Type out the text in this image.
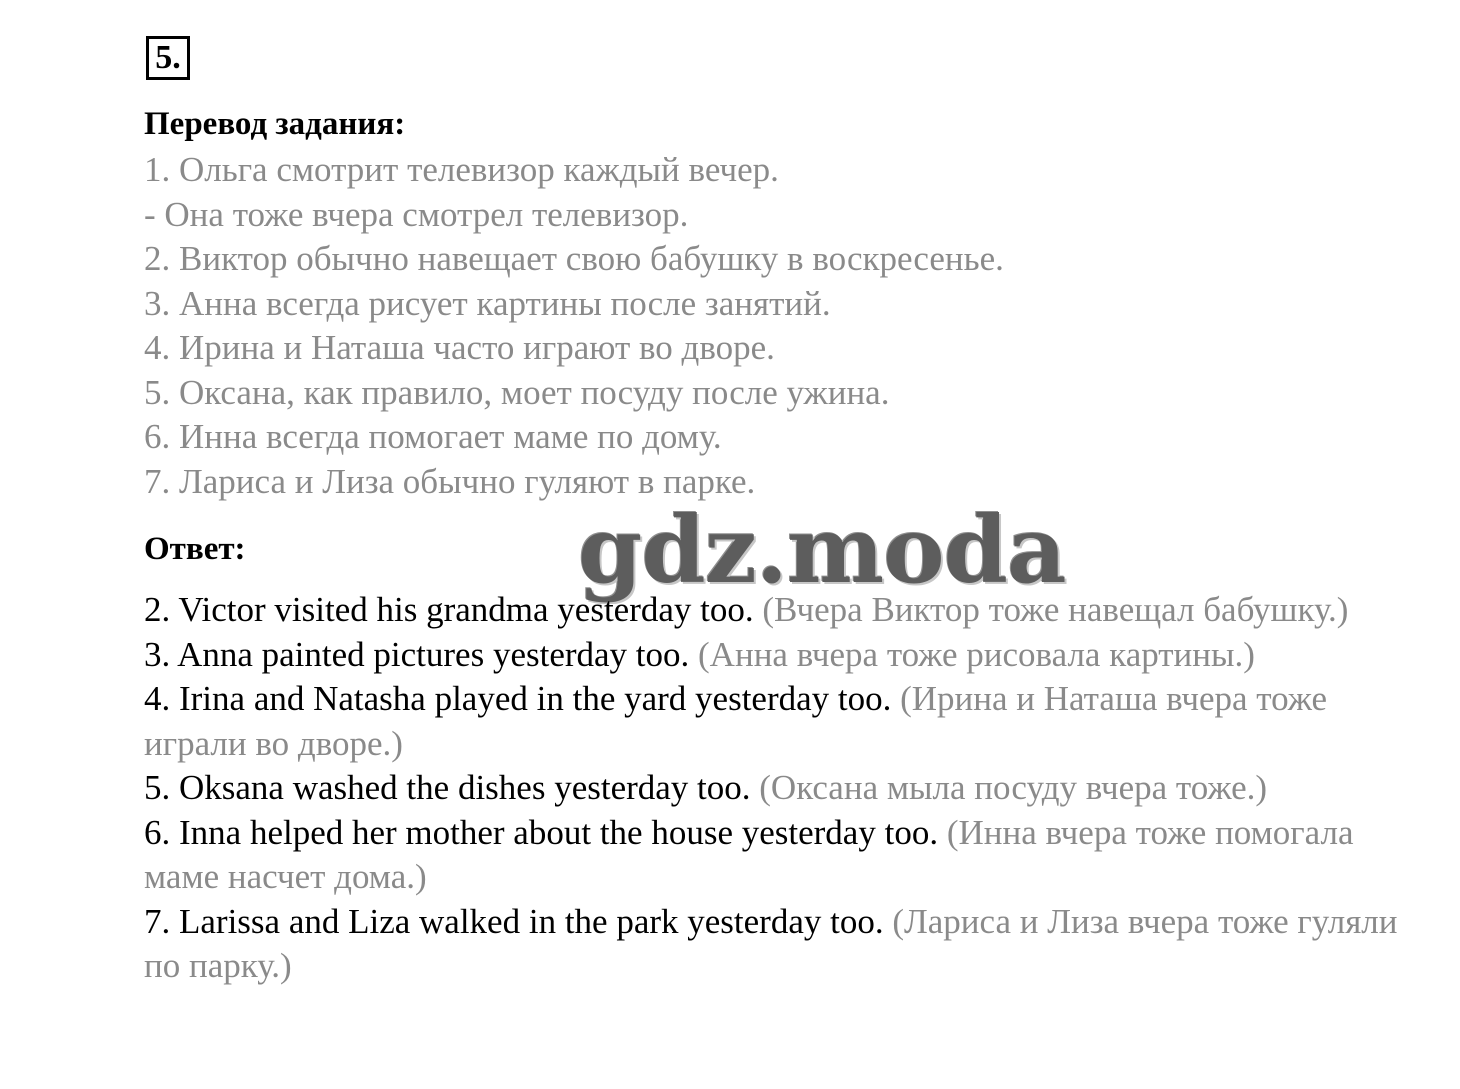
5.
Перевод задания:
1. Ольга смотрит телевизор каждый вечер.
- Она тоже вчера смотрел телевизор.
2. Виктор обычно навещает свою бабушку в воскресенье.
3. Анна всегда рисует картины после занятий.
4. Ирина и Наташа часто играют во дворе.
5. Оксана, как правило, моет посуду после ужина.
6. Инна всегда помогает маме по дому.
7. Лариса и Лиза обычно гуляют в парке.
Ответ:	gdz.moda
2. Victor visited his grandma yesterday too. (Вчера Виктор тоже навещал бабушку.)
3. Anna painted pictures yesterday too. (Анна вчера тоже рисовала картины.)
4. Irina and Natasha played in the yard yesterday too. (Ирина и Наташа вчера тоже играли во дворе.)
5. Oksana washed the dishes yesterday too. (Оксана мыла посуду вчера тоже.)
6. Inna helped her mother about the house yesterday too. (Инна вчера тоже помогала маме насчет дома.)
7. Larissa and Liza walked in the park yesterday too. (Лариса и Лиза вчера тоже гуляли по парку.)
